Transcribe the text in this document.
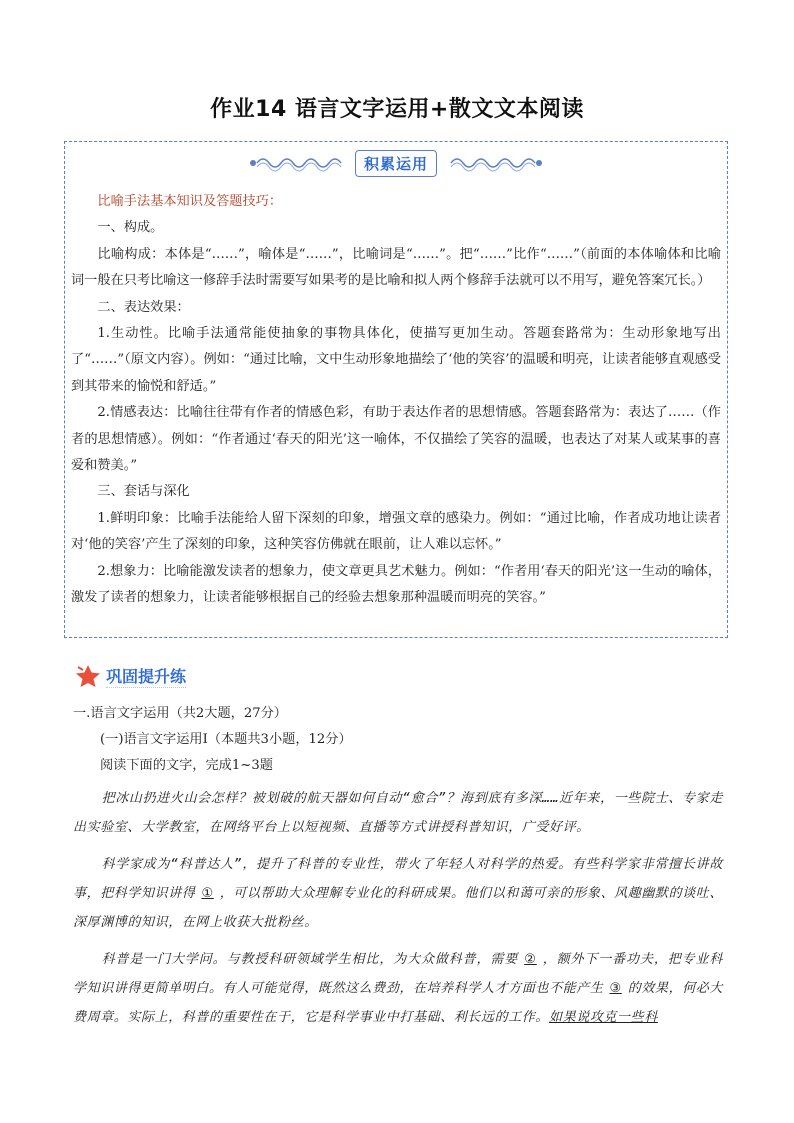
作业14 语言文字运用+散文文本阅读
积累运用

比喻手法基本知识及答题技巧：

一、构成。

比喻构成：本体是“……”，喻体是“……”，比喻词是“……”。把“……”比作“……”（前面的本体喻体和比喻词一般在只考比喻这一修辞手法时需要写如果考的是比喻和拟人两个修辞手法就可以不用写，避免答案冗长。）

二、表达效果：

1.生动性。比喻手法通常能使抽象的事物具体化，使描写更加生动。答题套路常为：生动形象地写出了“……”（原文内容）。例如：“通过比喻，文中生动形象地描绘了‘他的笑容’的温暖和明亮，让读者能够直观感受到其带来的愉悦和舒适。”

2.情感表达：比喻往往带有作者的情感色彩，有助于表达作者的思想情感。答题套路常为：表达了……（作者的思想情感）。例如：“作者通过‘春天的阳光’这一喻体，不仅描绘了笑容的温暖，也表达了对某人或某事的喜爱和赞美。”

三、套话与深化

1.鲜明印象：比喻手法能给人留下深刻的印象，增强文章的感染力。例如：“通过比喻，作者成功地让读者对‘他的笑容’产生了深刻的印象，这种笑容仿佛就在眼前，让人难以忘怀。”

2.想象力：比喻能激发读者的想象力，使文章更具艺术魅力。例如：“作者用‘春天的阳光’这一生动的喻体，激发了读者的想象力，让读者能够根据自己的经验去想象那种温暖而明亮的笑容。”

巩固提升练
一.语言文字运用（共2大题，27分）
(一)语言文字运用Ⅰ（本题共3小题，12分）
阅读下面的文字，完成1~3题

把冰山扔进火山会怎样？被划破的航天器如何自动“愈合”？海到底有多深……近年来，一些院士、专家走出实验室、大学教室，在网络平台上以短视频、直播等方式讲授科普知识，广受好评。

科学家成为“科普达人”，提升了科普的专业性，带火了年轻人对科学的热爱。有些科学家非常擅长讲故事，把科学知识讲得 ① ，可以帮助大众理解专业化的科研成果。他们以和蔼可亲的形象、风趣幽默的谈吐、深厚渊博的知识，在网上收获大批粉丝。

科普是一门大学问。与教授科研领域学生相比，为大众做科普，需要 ② ，额外下一番功夫，把专业科学知识讲得更简单明白。有人可能觉得，既然这么费劲，在培养科学人才方面也不能产生 ③ 的效果，何必大费周章。实际上，科普的重要性在于，它是科学事业中打基础、利长远的工作。如果说攻克一些科
